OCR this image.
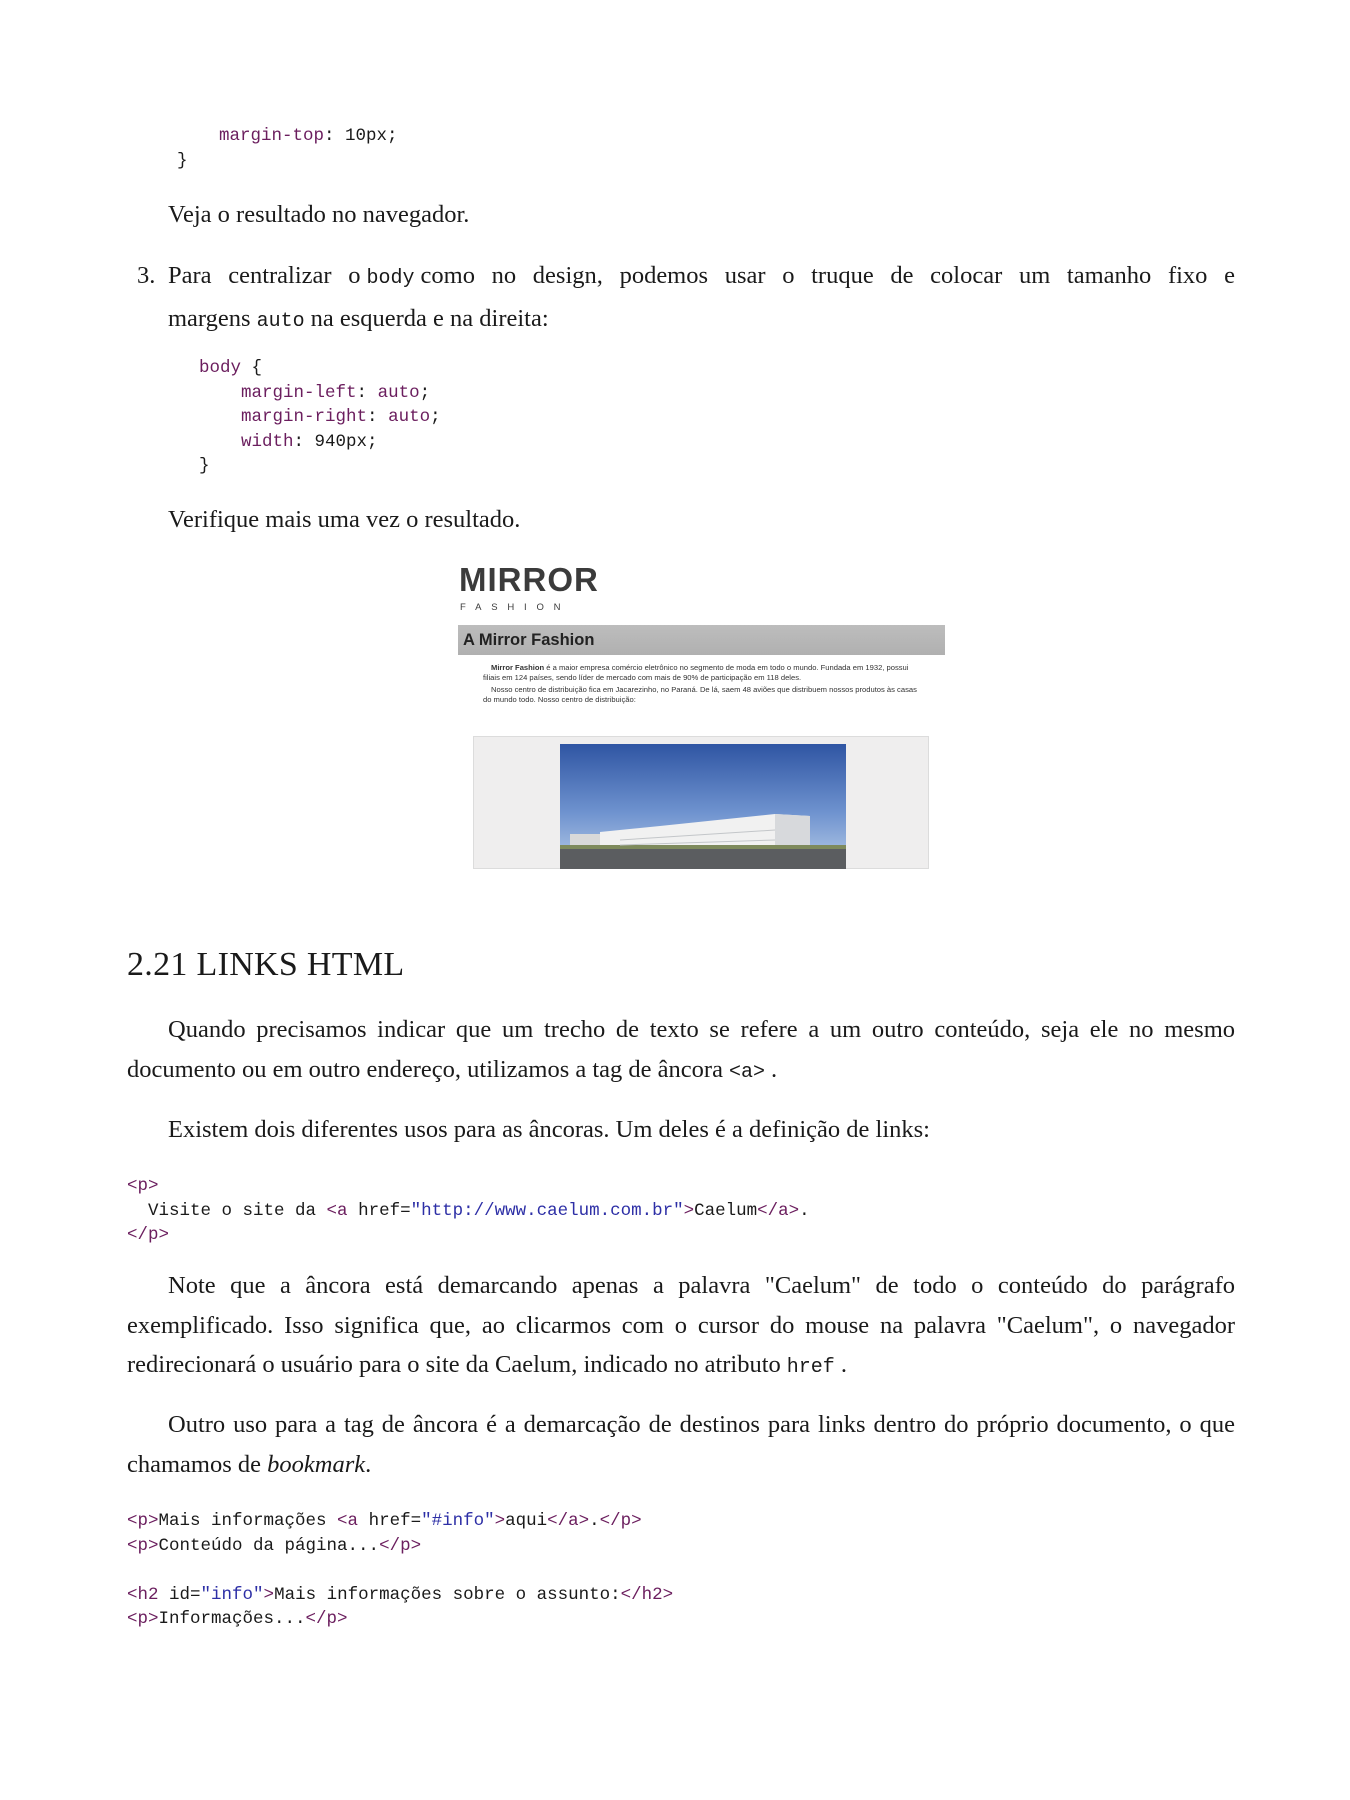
margin-top: 10px;
}

Veja o resultado no navegador.

3. Para centralizar o body como no design, podemos usar o truque de colocar um tamanho fixo e margens auto na esquerda e na direita:

body {
margin-left: auto;
margin-right: auto;
width: 940px;
}

Verifique mais uma vez o resultado.

MIRROR
FASHION
A Mirror Fashion

Mirror Fashion é a maior empresa comércio eletrônico no segmento de moda em todo o mundo. Fundada em 1932, possui filiais em 124 países, sendo líder de mercado com mais de 90% de participação em 118 deles.

Nosso centro de distribuição fica em Jacarezinho, no Paraná. De lá, saem 48 aviões que distribuem nossos produtos às casas do mundo todo. Nosso centro de distribuição:

2.21 LINKS HTML

Quando precisamos indicar que um trecho de texto se refere a um outro conteúdo, seja ele no mesmo documento ou em outro endereço, utilizamos a tag de âncora <a> .

Existem dois diferentes usos para as âncoras. Um deles é a definição de links:

<p>
Visite o site da <a href="http://www.caelum.com.br">Caelum</a>.
</p>

Note que a âncora está demarcando apenas a palavra "Caelum" de todo o conteúdo do parágrafo exemplificado. Isso significa que, ao clicarmos com o cursor do mouse na palavra "Caelum", o navegador redirecionará o usuário para o site da Caelum, indicado no atributo href .

Outro uso para a tag de âncora é a demarcação de destinos para links dentro do próprio documento, o que chamamos de bookmark.

<p>Mais informações <a href="#info">aqui</a>.</p>
<p>Conteúdo da página...</p>

<h2 id="info">Mais informações sobre o assunto:</h2>
<p>Informações...</p>
